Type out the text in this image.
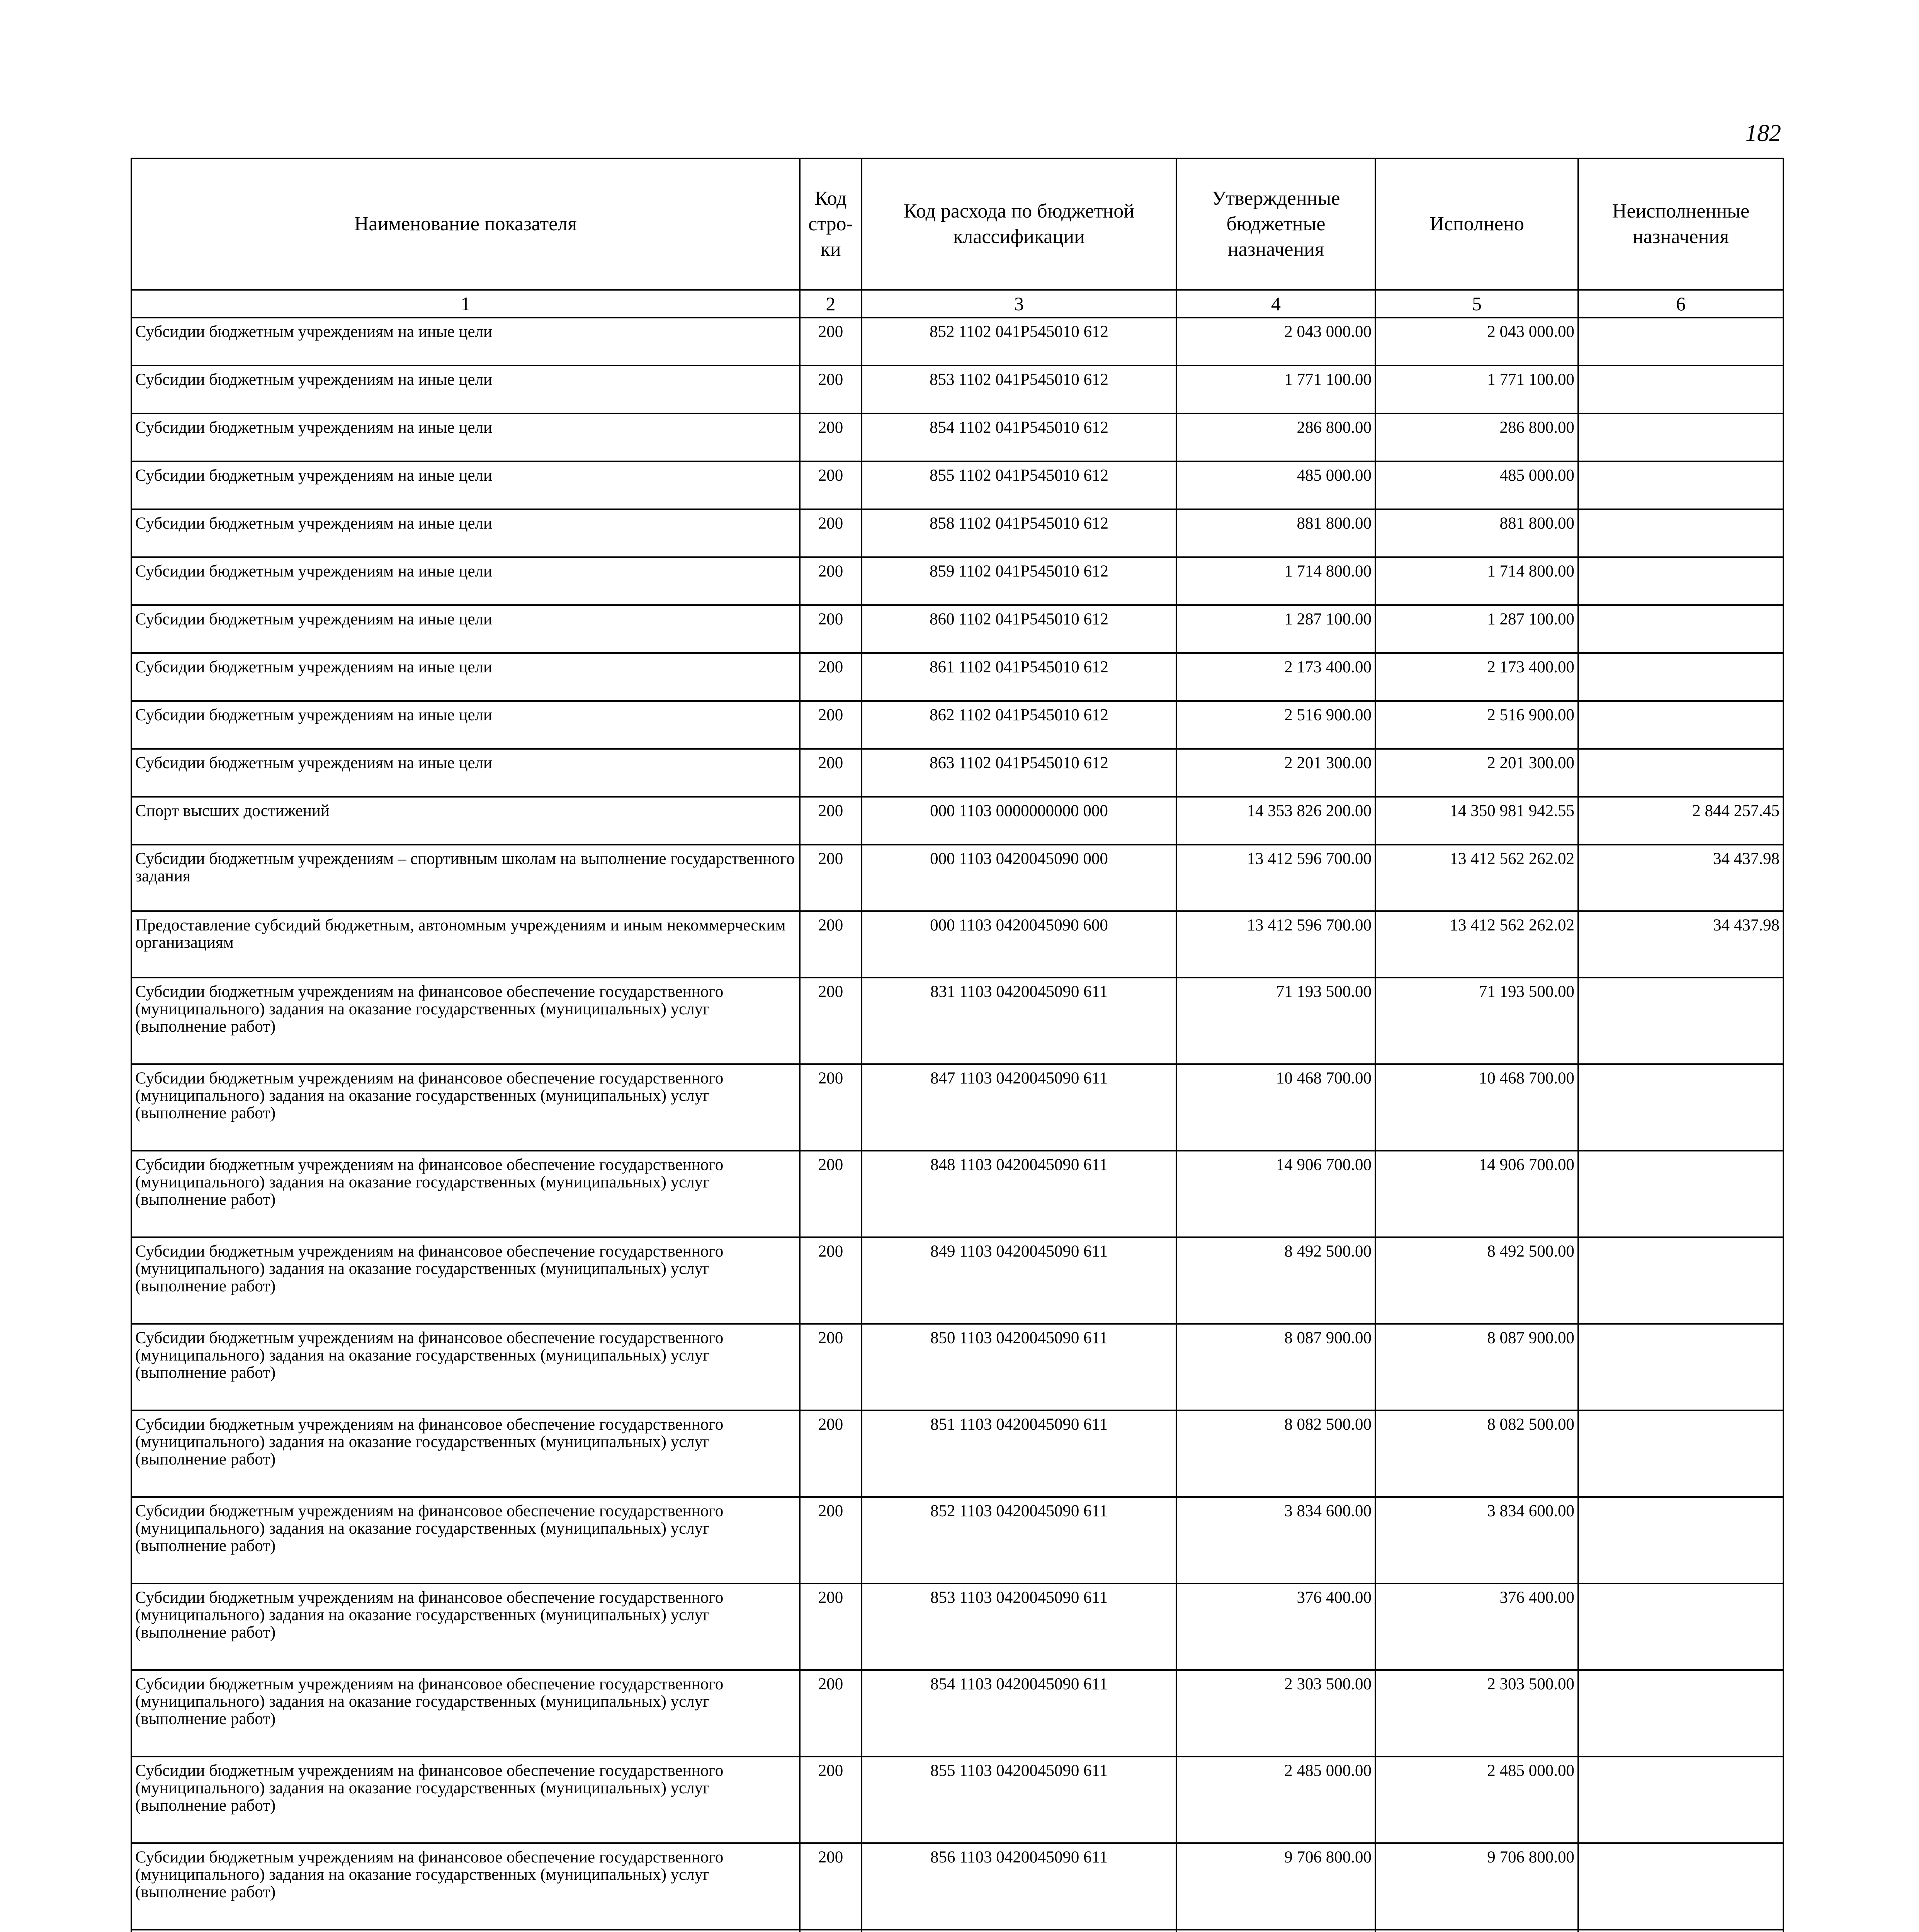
182
Наименование показателя	Код стро- ки	Код расхода по бюджетной классификации	Утвержденные бюджетные назначения	Исполнено	Неисполненные назначения
1	2	3	4	5	6
Субсидии бюджетным учреждениям на иные цели	200	852 1102 041P545010 612	2 043 000.00	2 043 000.00	
Субсидии бюджетным учреждениям на иные цели	200	853 1102 041P545010 612	1 771 100.00	1 771 100.00	
Субсидии бюджетным учреждениям на иные цели	200	854 1102 041P545010 612	286 800.00	286 800.00	
Субсидии бюджетным учреждениям на иные цели	200	855 1102 041P545010 612	485 000.00	485 000.00	
Субсидии бюджетным учреждениям на иные цели	200	858 1102 041P545010 612	881 800.00	881 800.00	
Субсидии бюджетным учреждениям на иные цели	200	859 1102 041P545010 612	1 714 800.00	1 714 800.00	
Субсидии бюджетным учреждениям на иные цели	200	860 1102 041P545010 612	1 287 100.00	1 287 100.00	
Субсидии бюджетным учреждениям на иные цели	200	861 1102 041P545010 612	2 173 400.00	2 173 400.00	
Субсидии бюджетным учреждениям на иные цели	200	862 1102 041P545010 612	2 516 900.00	2 516 900.00	
Субсидии бюджетным учреждениям на иные цели	200	863 1102 041P545010 612	2 201 300.00	2 201 300.00	
Спорт высших достижений	200	000 1103 0000000000 000	14 353 826 200.00	14 350 981 942.55	2 844 257.45
Субсидии бюджетным учреждениям – спортивным школам на выполнение государственного задания	200	000 1103 0420045090 000	13 412 596 700.00	13 412 562 262.02	34 437.98
Предоставление субсидий бюджетным, автономным учреждениям и иным некоммерческим организациям	200	000 1103 0420045090 600	13 412 596 700.00	13 412 562 262.02	34 437.98
Субсидии бюджетным учреждениям на финансовое обеспечение государственного (муниципального) задания на оказание государственных (муниципальных) услуг (выполнение работ)	200	831 1103 0420045090 611	71 193 500.00	71 193 500.00	
Субсидии бюджетным учреждениям на финансовое обеспечение государственного (муниципального) задания на оказание государственных (муниципальных) услуг (выполнение работ)	200	847 1103 0420045090 611	10 468 700.00	10 468 700.00	
Субсидии бюджетным учреждениям на финансовое обеспечение государственного (муниципального) задания на оказание государственных (муниципальных) услуг (выполнение работ)	200	848 1103 0420045090 611	14 906 700.00	14 906 700.00	
Субсидии бюджетным учреждениям на финансовое обеспечение государственного (муниципального) задания на оказание государственных (муниципальных) услуг (выполнение работ)	200	849 1103 0420045090 611	8 492 500.00	8 492 500.00	
Субсидии бюджетным учреждениям на финансовое обеспечение государственного (муниципального) задания на оказание государственных (муниципальных) услуг (выполнение работ)	200	850 1103 0420045090 611	8 087 900.00	8 087 900.00	
Субсидии бюджетным учреждениям на финансовое обеспечение государственного (муниципального) задания на оказание государственных (муниципальных) услуг (выполнение работ)	200	851 1103 0420045090 611	8 082 500.00	8 082 500.00	
Субсидии бюджетным учреждениям на финансовое обеспечение государственного (муниципального) задания на оказание государственных (муниципальных) услуг (выполнение работ)	200	852 1103 0420045090 611	3 834 600.00	3 834 600.00	
Субсидии бюджетным учреждениям на финансовое обеспечение государственного (муниципального) задания на оказание государственных (муниципальных) услуг (выполнение работ)	200	853 1103 0420045090 611	376 400.00	376 400.00	
Субсидии бюджетным учреждениям на финансовое обеспечение государственного (муниципального) задания на оказание государственных (муниципальных) услуг (выполнение работ)	200	854 1103 0420045090 611	2 303 500.00	2 303 500.00	
Субсидии бюджетным учреждениям на финансовое обеспечение государственного (муниципального) задания на оказание государственных (муниципальных) услуг (выполнение работ)	200	855 1103 0420045090 611	2 485 000.00	2 485 000.00	
Субсидии бюджетным учреждениям на финансовое обеспечение государственного (муниципального) задания на оказание государственных (муниципальных) услуг (выполнение работ)	200	856 1103 0420045090 611	9 706 800.00	9 706 800.00	
